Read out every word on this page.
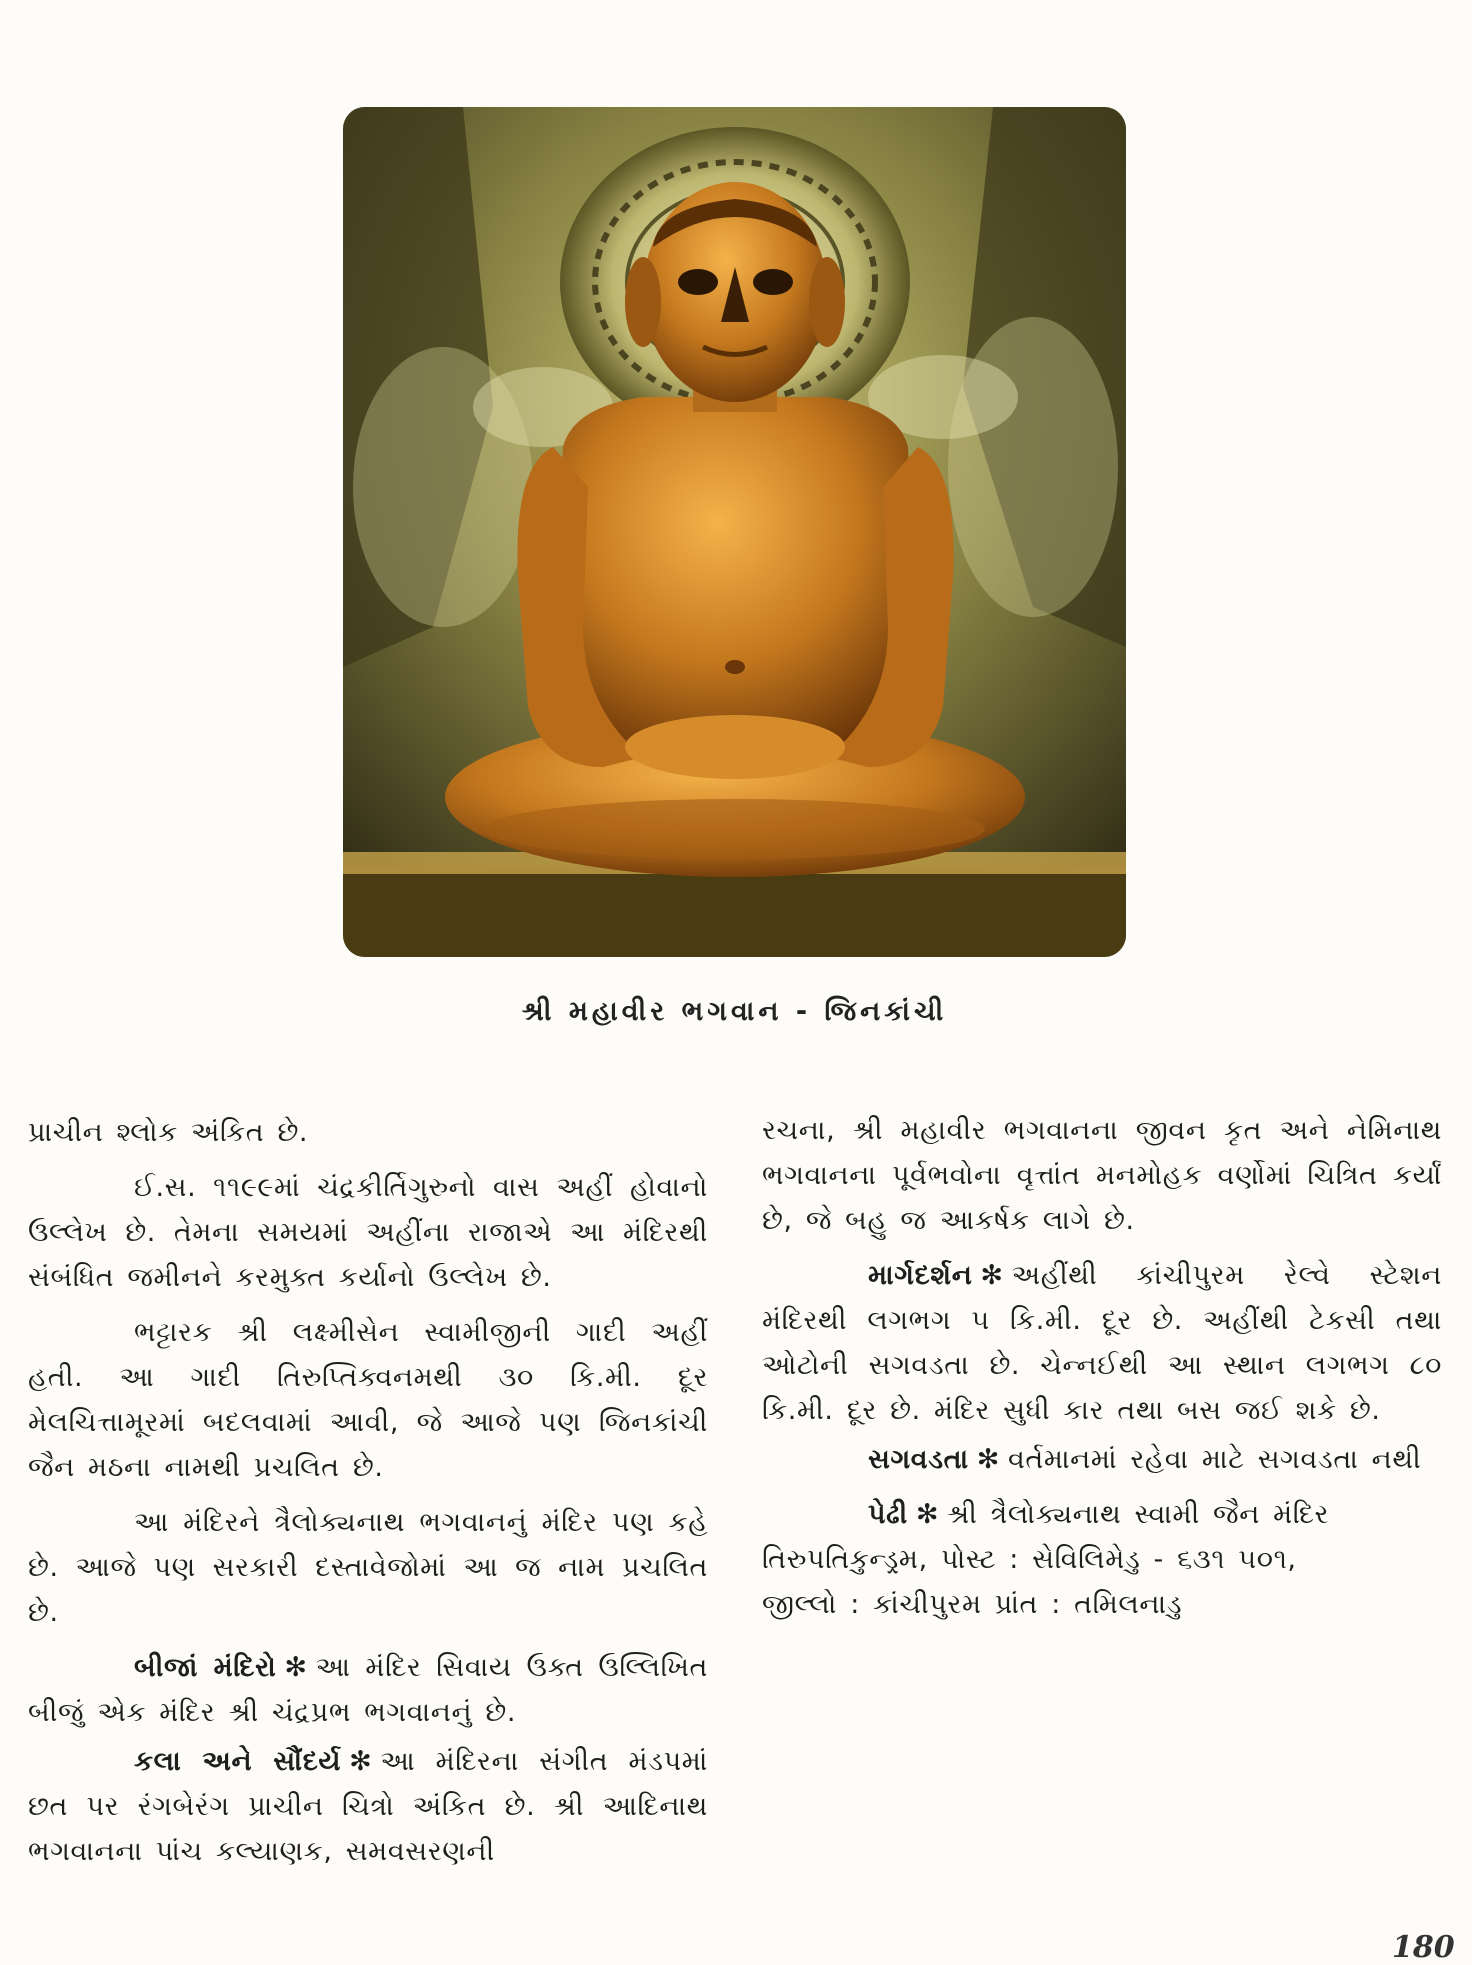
શ્રી મહાવીર ભગવાન - જિનકાંચી

પ્રાચીન શ્લોક અંકિત છે.

ઈ.સ. ૧૧૯૯માં ચંદ્રકીર્તિગુરુનો વાસ અહીં હોવાનો ઉલ્લેખ છે. તેમના સમયમાં અહીંના રાજાએ આ મંદિરથી સંબંધિત જમીનને કરમુક્ત કર્યાનો ઉલ્લેખ છે.

ભટ્ટારક શ્રી લક્ષ્મીસેન સ્વામીજીની ગાદી અહીં હતી. આ ગાદી તિરુપ્તિક્વનમથી ૩૦ કિ.મી. દૂર મેલચિત્તામૂરમાં બદલવામાં આવી, જે આજે પણ જિનકાંચી જૈન મઠના નામથી પ્રચલિત છે.

આ મંદિરને ત્રૈલોક્યનાથ ભગવાનનું મંદિર પણ કહે છે. આજે પણ સરકારી દસ્તાવેજોમાં આ જ નામ પ્રચલિત છે.

બીજાં મંદિરો ✻ આ મંદિર સિવાય ઉક્ત ઉલ્લિખિત બીજું એક મંદિર શ્રી ચંદ્રપ્રભ ભગવાનનું છે.

કલા અને સૌંદર્ય ✻ આ મંદિરના સંગીત મંડપમાં છત પર રંગબેરંગ પ્રાચીન ચિત્રો અંકિત છે. શ્રી આદિનાથ ભગવાનના પાંચ કલ્યાણક, સમવસરણની

રચના, શ્રી મહાવીર ભગવાનના જીવન કૃત અને નેમિનાથ ભગવાનના પૂર્વભવોના વૃત્તાંત મનમોહક વર્ણોમાં ચિત્રિત કર્યાં છે, જે બહુ જ આકર્ષક લાગે છે.

માર્ગદર્શન ✻ અહીંથી કાંચીપુરમ રેલ્વે સ્ટેશન મંદિરથી લગભગ ૫ કિ.મી. દૂર છે. અહીંથી ટેકસી તથા ઓટોની સગવડતા છે. ચેન્નઈથી આ સ્થાન લગભગ ૮૦ કિ.મી. દૂર છે. મંદિર સુધી કાર તથા બસ જઈ શકે છે.

સગવડતા ✻ વર્તમાનમાં રહેવા માટે સગવડતા નથી

પેઢી ✻ શ્રી ત્રૈલોક્યનાથ સ્વામી જૈન મંદિર
તિરુપતિકુન્ડ્રમ, પોસ્ટ : સેવિલિમેડુ - ૬૩૧ ૫૦૧,
જીલ્લો : કાંચીપુરમ પ્રાંત : તમિલનાડુ

180
